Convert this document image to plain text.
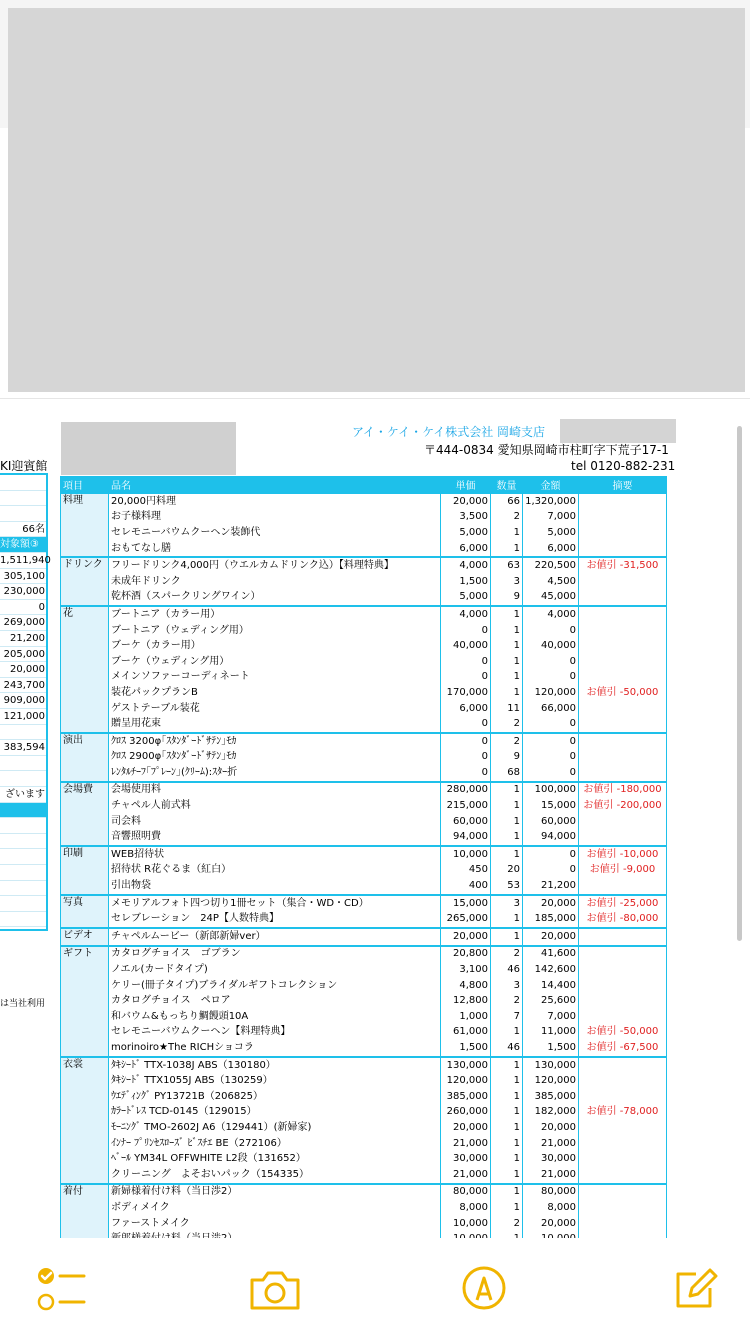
アイ・ケイ・ケイ株式会社 岡崎支店
〒444-0834 愛知県岡崎市柱町字下荒子17-1
tel 0120-882-231
KI迎賓館
66名
対象額③
1,511,940
305,100
230,000
0
269,000
21,200
205,000
20,000
243,700
909,000
121,000
383,594
ざいます
は当社利用
項目	品名	単価	数量	金額	摘要
料理	20,000円料理	20,000	66	1,320,000	
	お子様料理	3,500	2	7,000	
	セレモニーバウムクーヘン装飾代	5,000	1	5,000	
	おもてなし膳	6,000	1	6,000	
ドリンク	フリードリンク4,000円（ウエルカムドリンク込）【料理特典】	4,000	63	220,500	お値引 -31,500
	未成年ドリンク	1,500	3	4,500	
	乾杯酒（スパークリングワイン）	5,000	9	45,000	
花	ブートニア（カラー用）	4,000	1	4,000	
	ブートニア（ウェディング用）	0	1	0	
	ブーケ（カラー用）	40,000	1	40,000	
	ブーケ（ウェディング用）	0	1	0	
	メインソファーコーディネート	0	1	0	
	装花パックプランB	170,000	1	120,000	お値引 -50,000
	ゲストテーブル装花	6,000	11	66,000	
	贈呈用花束	0	2	0	
演出	ｸﾛｽ 3200φ｢ｽﾀﾝﾀﾞｰﾄﾞｻﾃﾝ｣ﾓｶ	0	2	0	
	ｸﾛｽ 2900φ｢ｽﾀﾝﾀﾞｰﾄﾞｻﾃﾝ｣ﾓｶ	0	9	0	
	ﾚﾝﾀﾙﾁｰﾌ｢ﾌﾟﾚｰﾝ｣(ｸﾘｰﾑ):ｽﾀｰ折	0	68	0	
会場費	会場使用料	280,000	1	100,000	お値引 -180,000
	チャペル人前式料	215,000	1	15,000	お値引 -200,000
	司会料	60,000	1	60,000	
	音響照明費	94,000	1	94,000	
印刷	WEB招待状	10,000	1	0	お値引 -10,000
	招待状 R花ぐるま（紅白）	450	20	0	お値引 -9,000
	引出物袋	400	53	21,200	
写真	メモリアルフォト四つ切り1冊セット（集合・WD・CD）	15,000	3	20,000	お値引 -25,000
	セレブレーション　24P【人数特典】	265,000	1	185,000	お値引 -80,000
ビデオ	チャペルムービー（新郎新婦ver）	20,000	1	20,000	
ギフト	カタログチョイス　ゴブラン	20,800	2	41,600	
	ノエル(カードタイプ)	3,100	46	142,600	
	ケリー(冊子タイプ)ブライダルギフトコレクション	4,800	3	14,400	
	カタログチョイス　ペロア	12,800	2	25,600	
	和バウム&もっちり鯛饅頭10A	1,000	7	7,000	
	セレモニーバウムクーヘン【料理特典】	61,000	1	11,000	お値引 -50,000
	morinoiro★The RICHショコラ	1,500	46	1,500	お値引 -67,500
衣裳	ﾀｷｼｰﾄﾞ TTX-1038J ABS（130180）	130,000	1	130,000	
	ﾀｷｼｰﾄﾞ TTX1055J ABS（130259）	120,000	1	120,000	
	ｳｴﾃﾞｨﾝｸﾞ PY13721B（206825）	385,000	1	385,000	
	ｶﾗｰﾄﾞﾚｽ TCD-0145（129015）	260,000	1	182,000	お値引 -78,000
	ﾓｰﾆﾝｸﾞ TMO-2602J A6（129441）(新婦家)	20,000	1	20,000	
	ｲﾝﾅｰ ﾌﾟﾘﾝｾｽﾛｰｽﾞ ﾋﾞｽﾁｴ BE（272106）	21,000	1	21,000	
	ﾍﾞｰﾙ YM34L OFFWHITE L2段（131652）	30,000	1	30,000	
	クリーニング　よそおいパック（154335）	21,000	1	21,000	
着付	新婦様着付け料（当日渉2）	80,000	1	80,000	
	ボディメイク	8,000	1	8,000	
	ファーストメイク	10,000	2	20,000	
